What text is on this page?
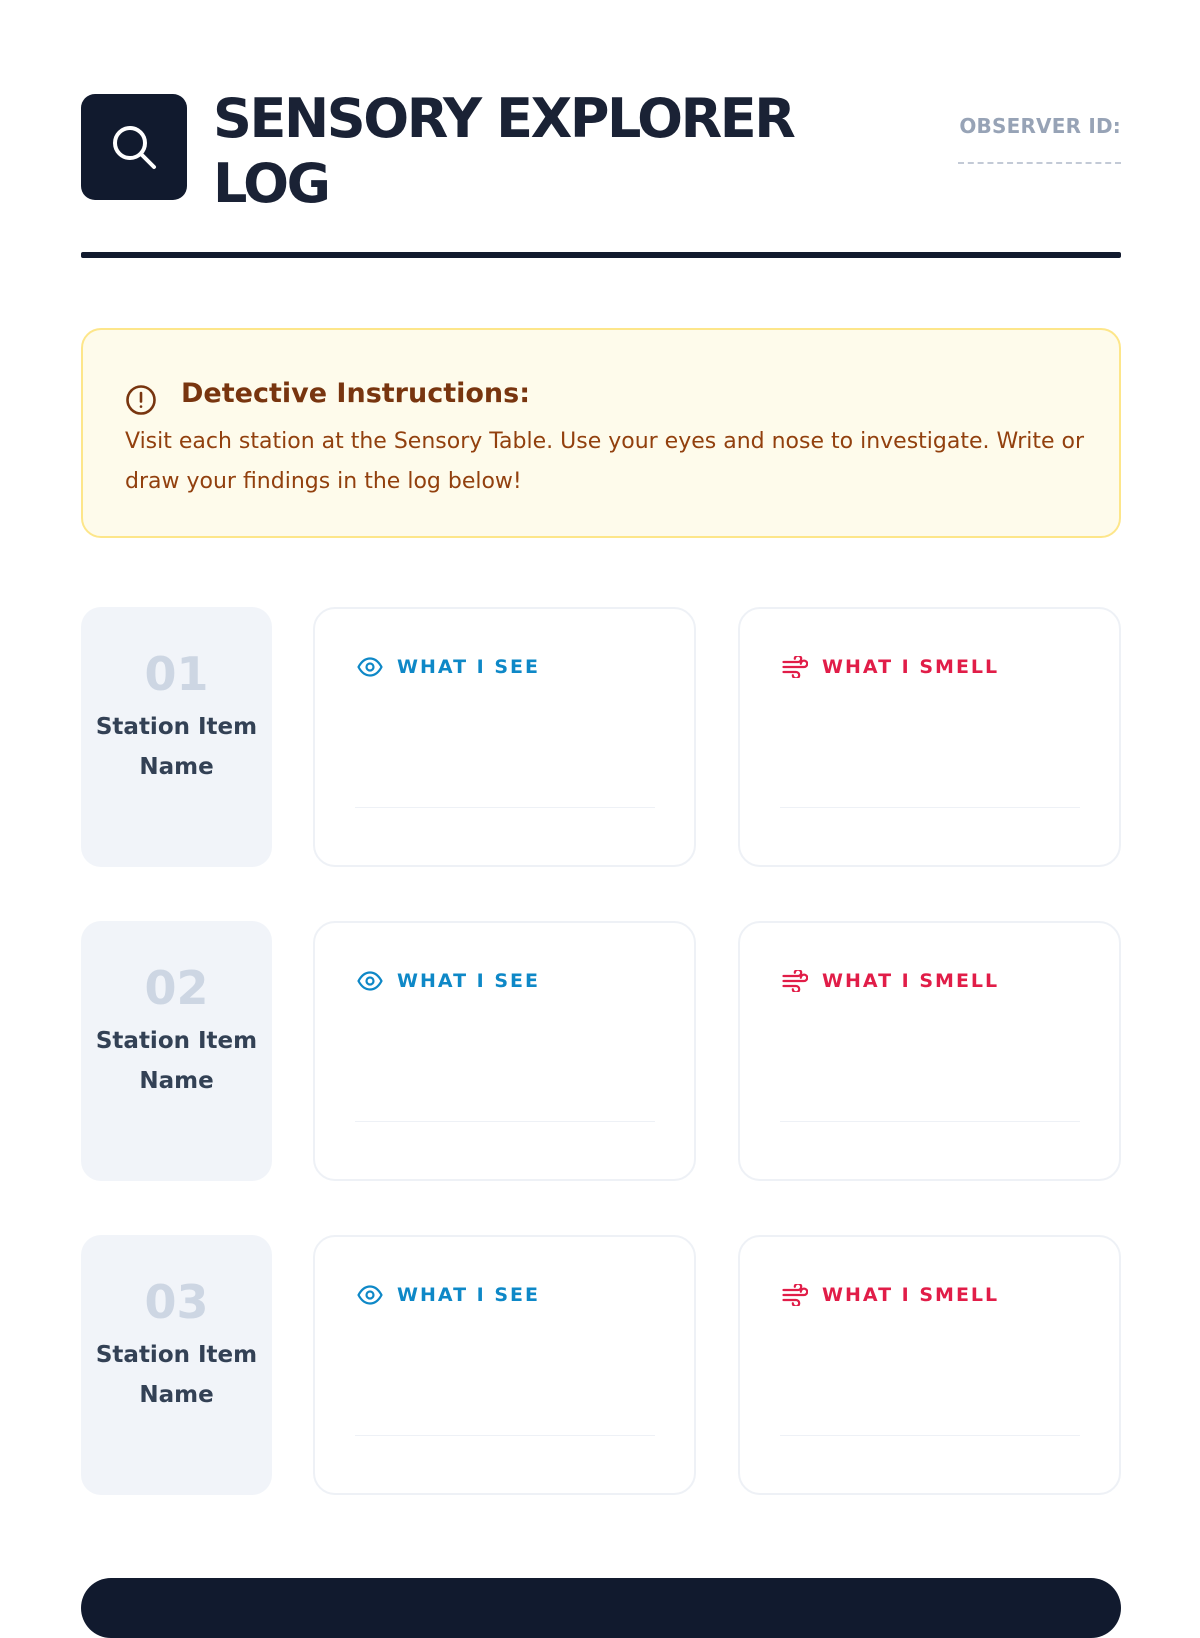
SENSORY EXPLORER LOG
OBSERVER ID:
Detective Instructions:
Visit each station at the Sensory Table. Use your eyes and nose to investigate. Write or draw your findings in the log below!
01
Station Item Name
WHAT I SEE	WHAT I SMELL
02
Station Item Name
WHAT I SEE	WHAT I SMELL
03
Station Item Name
WHAT I SEE	WHAT I SMELL
